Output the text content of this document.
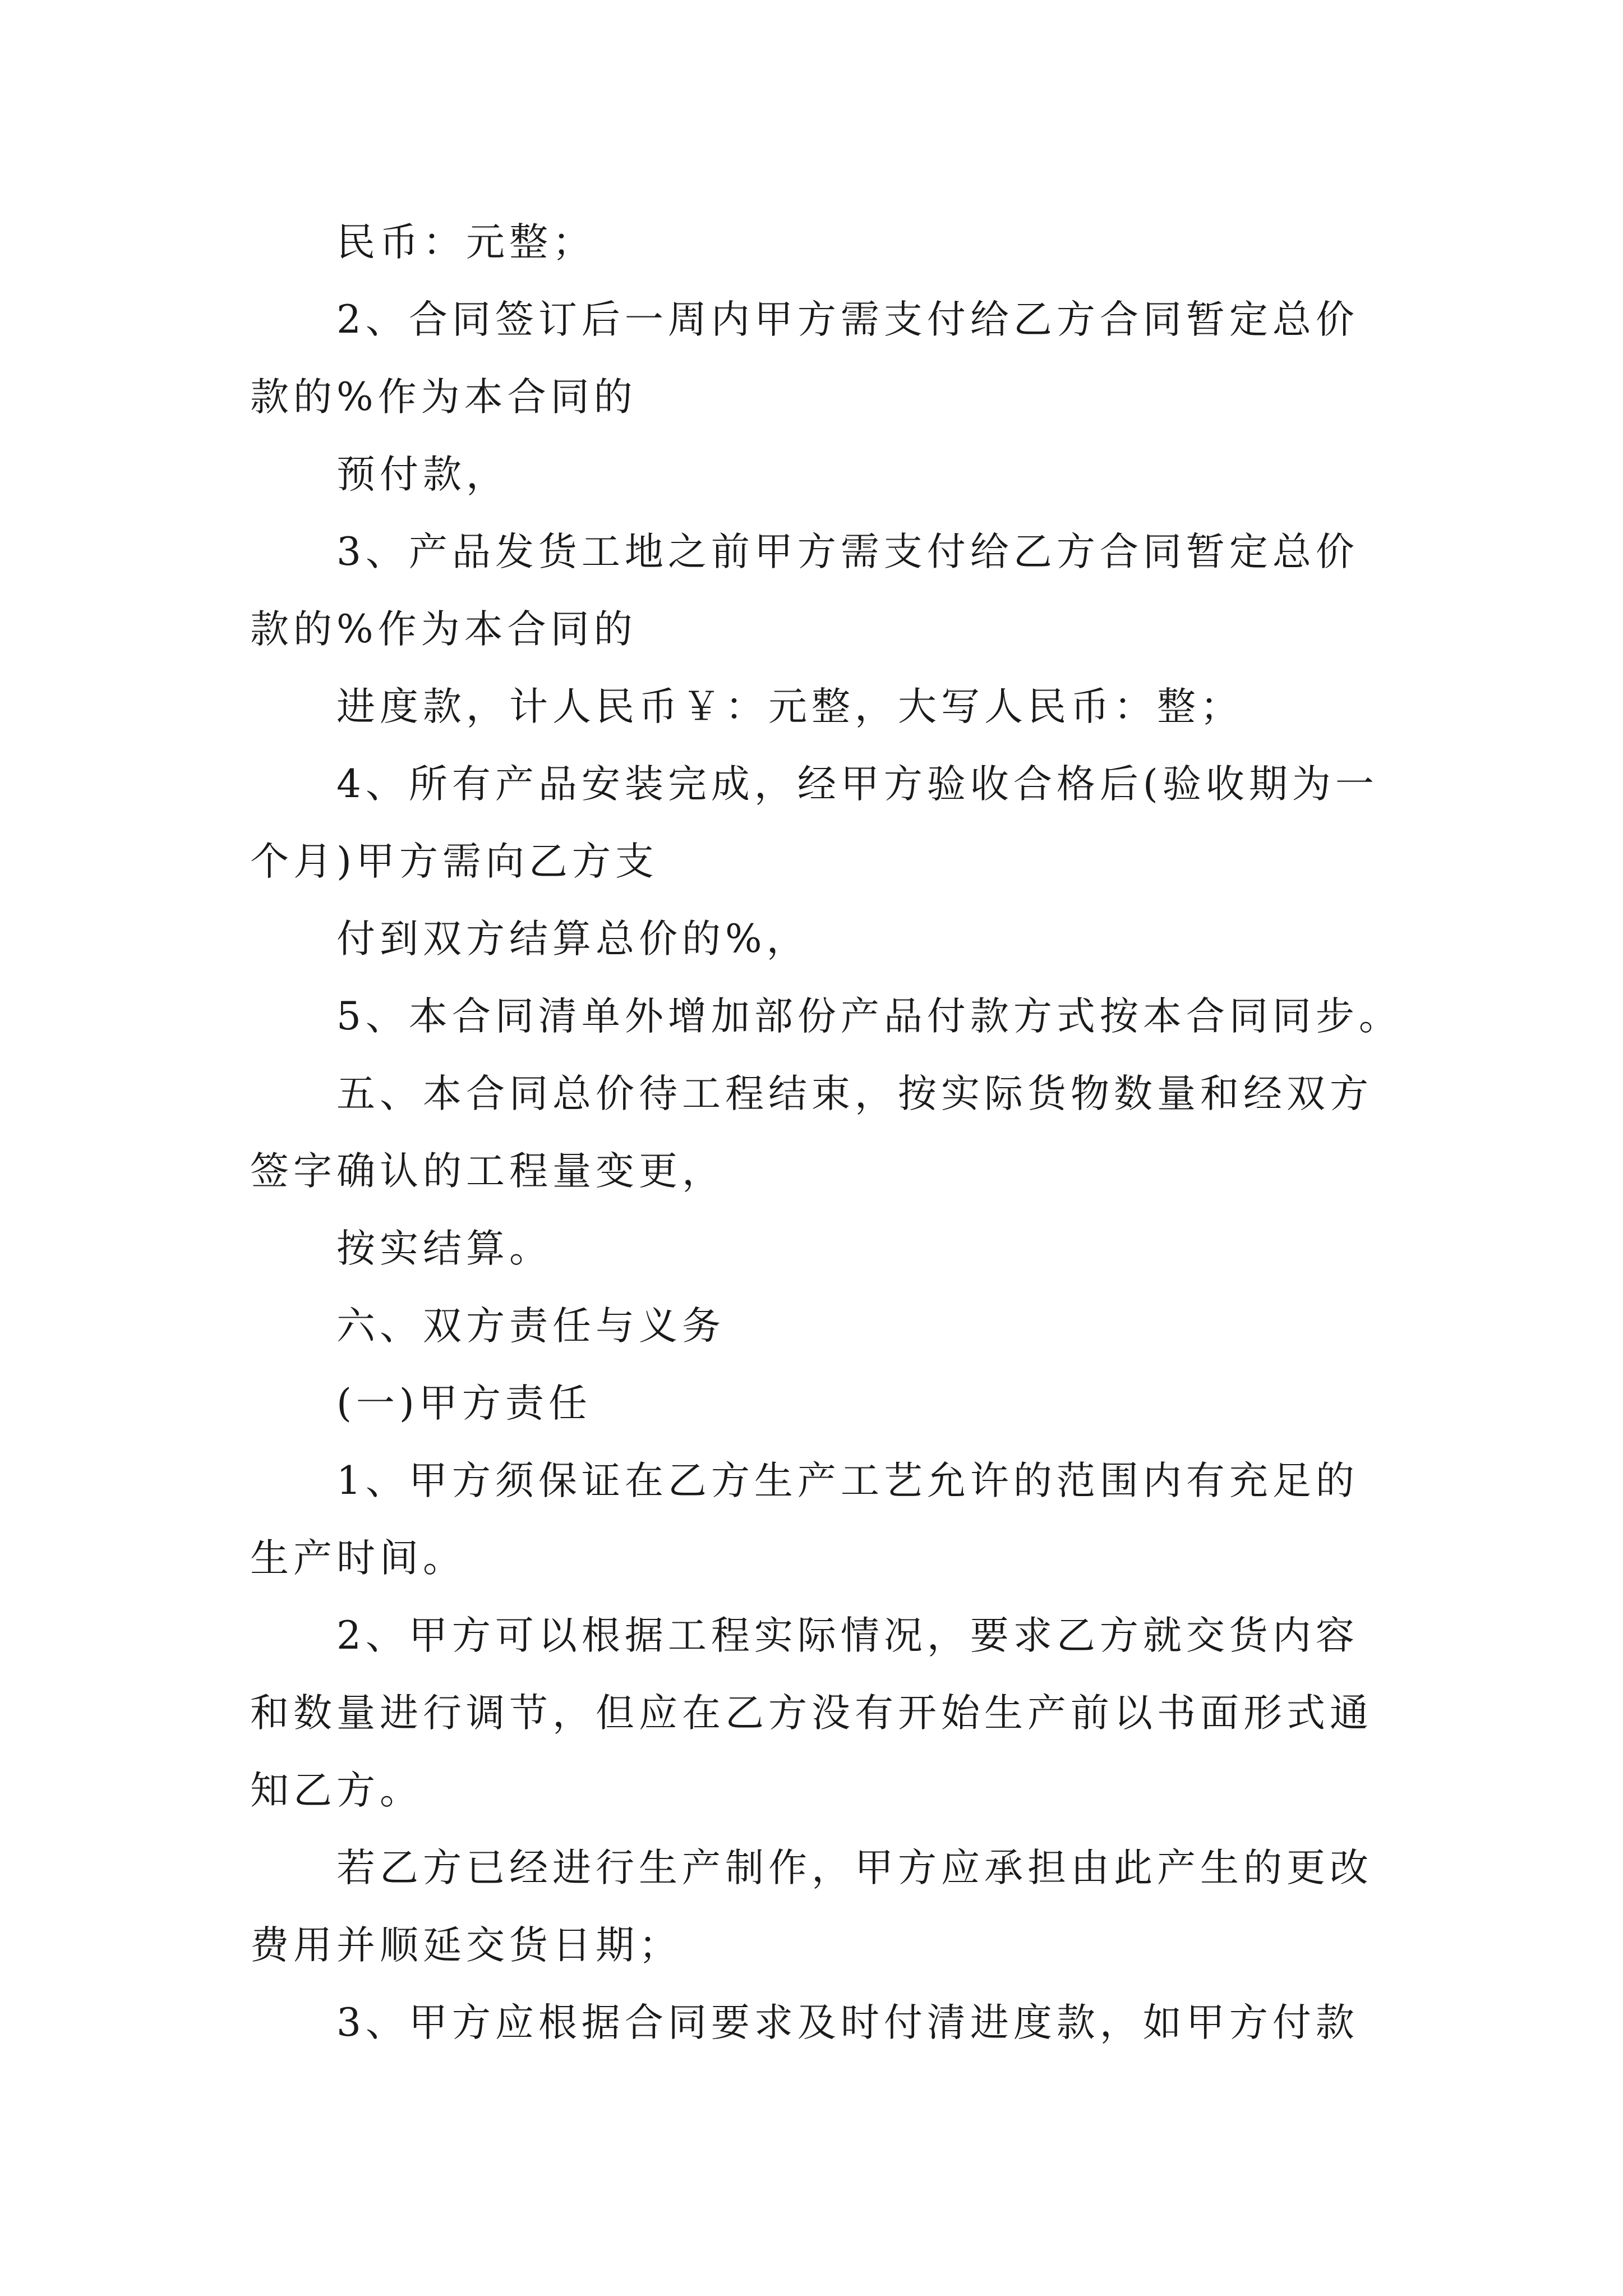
民币：元整；

2、合同签订后一周内甲方需支付给乙方合同暂定总价

款的%作为本合同的

预付款，

3、产品发货工地之前甲方需支付给乙方合同暂定总价

款的%作为本合同的

进度款，计人民币￥：元整，大写人民币：整；

4、所有产品安装完成，经甲方验收合格后(验收期为一

个月)甲方需向乙方支

付到双方结算总价的%，

5、本合同清单外增加部份产品付款方式按本合同同步。

五、本合同总价待工程结束，按实际货物数量和经双方

签字确认的工程量变更，

按实结算。

六、双方责任与义务

(一)甲方责任

1、甲方须保证在乙方生产工艺允许的范围内有充足的

生产时间。

2、甲方可以根据工程实际情况，要求乙方就交货内容

和数量进行调节，但应在乙方没有开始生产前以书面形式通

知乙方。

若乙方已经进行生产制作，甲方应承担由此产生的更改

费用并顺延交货日期；

3、甲方应根据合同要求及时付清进度款，如甲方付款
